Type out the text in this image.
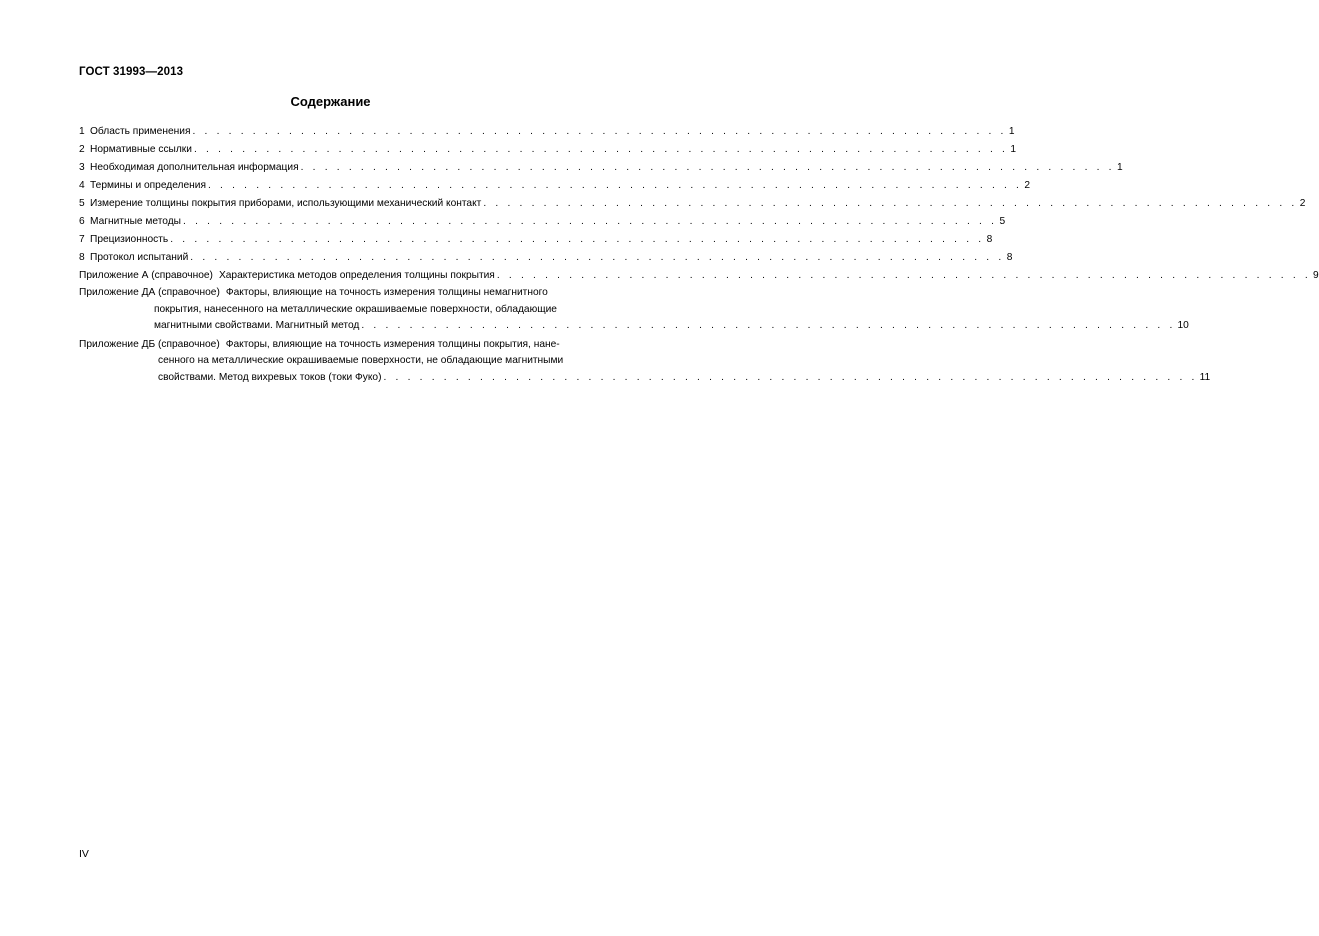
ГОСТ 31993—2013
Содержание
1 Область применения . . . . . . . . . . . . . . . . . . . . . . . . . . . . . . . . . . . . . . . . . . . . . . . . . . . . . . . . . . . . . . . . . . . . 1
2 Нормативные ссылки . . . . . . . . . . . . . . . . . . . . . . . . . . . . . . . . . . . . . . . . . . . . . . . . . . . . . . . . . . . . . . . . . . . . 1
3 Необходимая дополнительная информация . . . . . . . . . . . . . . . . . . . . . . . . . . . . . . . . . . . . . . . . . . . . . . . . . . . . . . . . . . . . . . . . . . . . 1
4 Термины и определения . . . . . . . . . . . . . . . . . . . . . . . . . . . . . . . . . . . . . . . . . . . . . . . . . . . . . . . . . . . . . . . . . . . . 2
5 Измерение толщины покрытия приборами, использующими механический контакт . . . . . . . . . . . . . . . . . . . . . . . . . . . . . . . . . . . . . . . . . . . . . . . . . . . . . . . . . . . . . . . . . . . . 2
6 Магнитные методы . . . . . . . . . . . . . . . . . . . . . . . . . . . . . . . . . . . . . . . . . . . . . . . . . . . . . . . . . . . . . . . . . . . . 5
7 Прецизионность . . . . . . . . . . . . . . . . . . . . . . . . . . . . . . . . . . . . . . . . . . . . . . . . . . . . . . . . . . . . . . . . . . . . 8
8 Протокол испытаний . . . . . . . . . . . . . . . . . . . . . . . . . . . . . . . . . . . . . . . . . . . . . . . . . . . . . . . . . . . . . . . . . . . . 8
Приложение А (справочное) Характеристика методов определения толщины покрытия . . . . . . . . . . . . . . . . . . . . . . . . . . . . . . . . . . . . . . . . . . . . . . . . . . . . . . . . . . . . . . . . . . . . 9
Приложение ДА (справочное) Факторы, влияющие на точность измерения толщины немагнитного
покрытия, нанесенного на металлические окрашиваемые поверхности, обладающие
магнитными свойствами. Магнитный метод . . . . . . . . . . . . . . . . . . . . . . . . . . . . . . . . . . . . . . . . . . . . . . . . . . . . . . . . . . . . . . . . . . . . 10
Приложение ДБ (справочное) Факторы, влияющие на точность измерения толщины покрытия, нане-
сенного на металлические окрашиваемые поверхности, не обладающие магнитными
свойствами. Метод вихревых токов (токи Фуко) . . . . . . . . . . . . . . . . . . . . . . . . . . . . . . . . . . . . . . . . . . . . . . . . . . . . . . . . . . . . . . . . . . . . 11
IV
